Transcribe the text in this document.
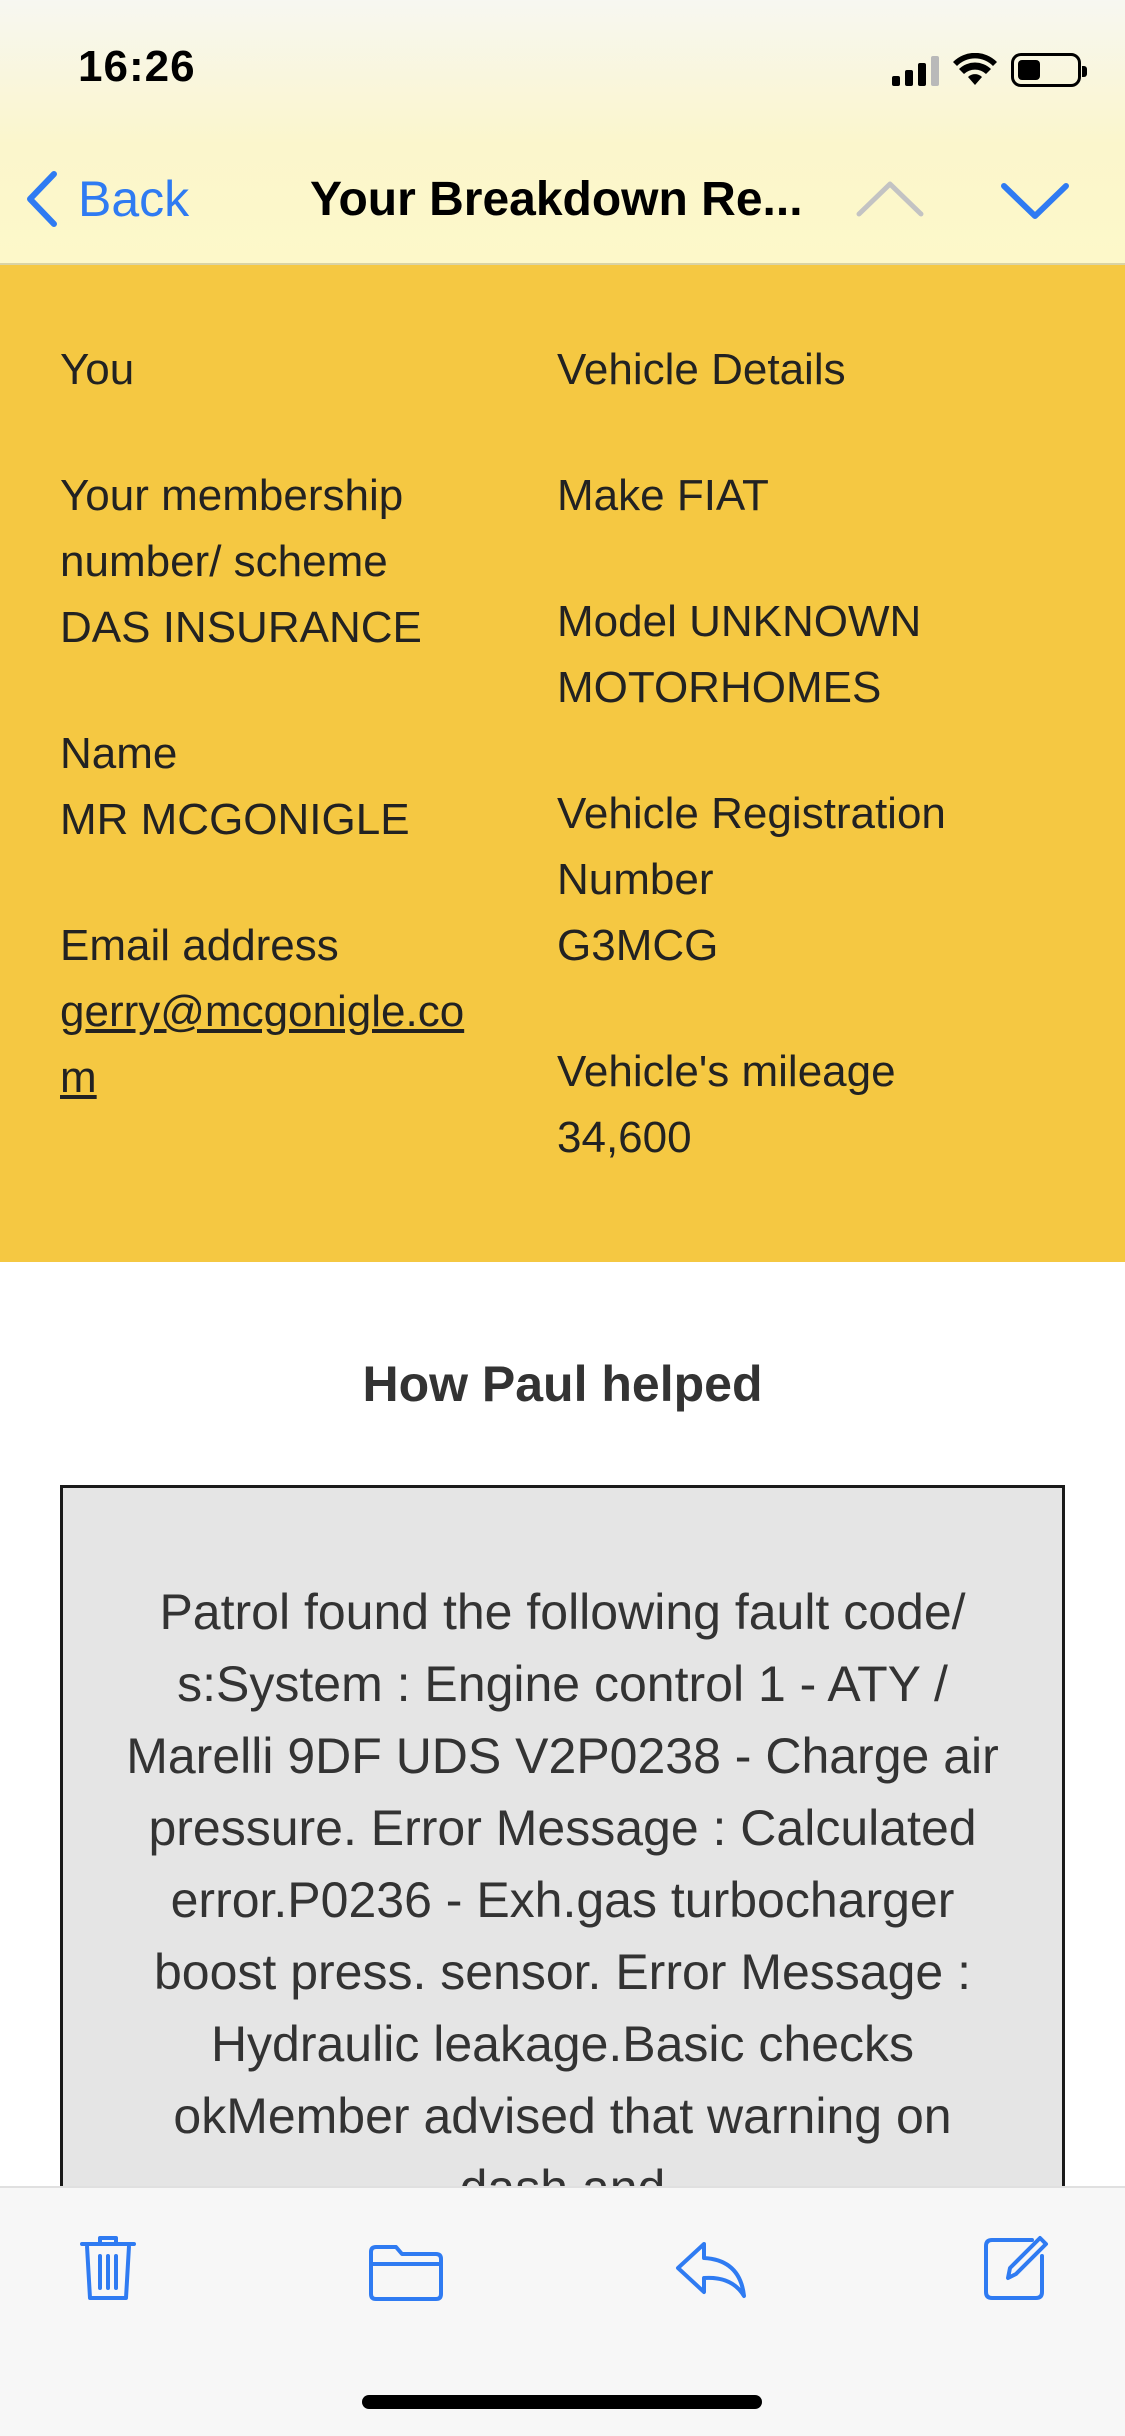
16:26
Back	Your Breakdown Re...
You
Your membership
number/ scheme
DAS INSURANCE
Name
MR MCGONIGLE
Email address
gerry@mcgonigle.co
m
Vehicle Details
Make FIAT
Model UNKNOWN
MOTORHOMES
Vehicle Registration
Number
G3MCG
Vehicle's mileage
34,600
How Paul helped
Patrol found the following fault code/ s:System : Engine control 1 - ATY / Marelli 9DF UDS V2P0238 - Charge air pressure. Error Message : Calculated error.P0236 - Exh.gas turbocharger boost press. sensor. Error Message : Hydraulic leakage.Basic checks okMember advised that warning on
